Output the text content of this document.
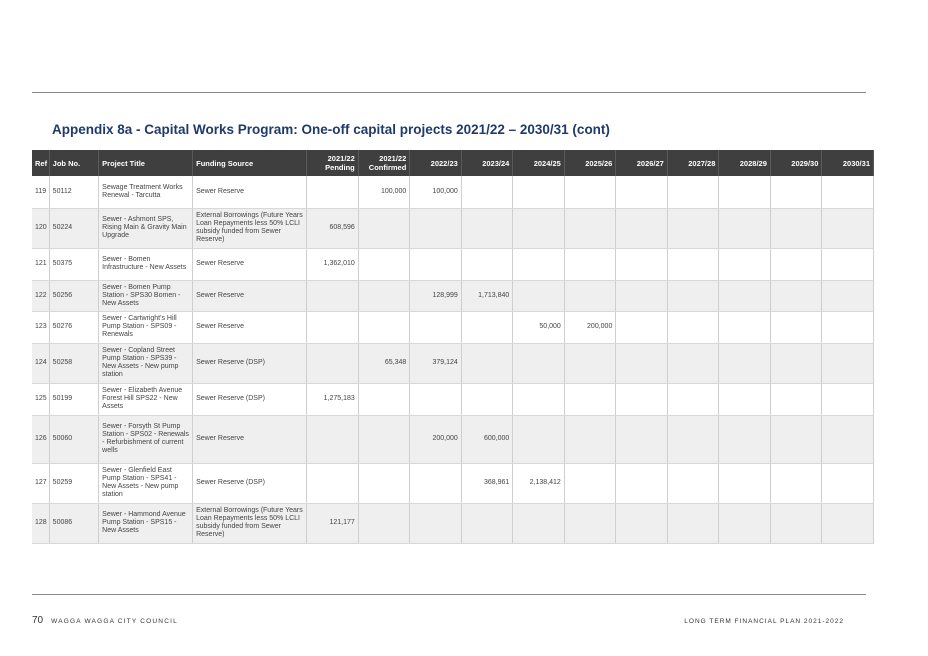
Appendix 8a - Capital Works Program: One-off capital projects 2021/22 – 2030/31 (cont)
Ref	Job No.	Project Title	Funding Source	2021/22 Pending	2021/22 Confirmed	2022/23	2023/24	2024/25	2025/26	2026/27	2027/28	2028/29	2029/30	2030/31
119	50112	Sewage Treatment Works Renewal - Tarcutta	Sewer Reserve		100,000	100,000								
120	50224	Sewer - Ashmont SPS, Rising Main & Gravity Main Upgrade	External Borrowings (Future Years Loan Repayments less 50% LCLI subsidy funded from Sewer Reserve)	608,596										
121	50375	Sewer - Bomen Infrastructure - New Assets	Sewer Reserve	1,362,010										
122	50256	Sewer - Bomen Pump Station - SPS30 Bomen - New Assets	Sewer Reserve			128,999	1,713,840							
123	50276	Sewer - Cartwright's Hill Pump Station - SPS09 - Renewals	Sewer Reserve					50,000	200,000					
124	50258	Sewer - Copland Street Pump Station - SPS39 - New Assets - New pump station	Sewer Reserve (DSP)		65,348	379,124								
125	50199	Sewer - Elizabeth Avenue Forest Hill SPS22 - New Assets	Sewer Reserve (DSP)	1,275,183										
126	50060	Sewer - Forsyth St Pump Station - SPS02 - Renewals - Refurbishment of current wells	Sewer Reserve			200,000	600,000							
127	50259	Sewer - Glenfield East Pump Station - SPS41 - New Assets - New pump station	Sewer Reserve (DSP)				368,961	2,138,412						
128	50086	Sewer - Hammond Avenue Pump Station - SPS15 - New Assets	External Borrowings (Future Years Loan Repayments less 50% LCLI subsidy funded from Sewer Reserve)	121,177										
70 WAGGA WAGGA CITY COUNCIL	LONG TERM FINANCIAL PLAN 2021-2022
